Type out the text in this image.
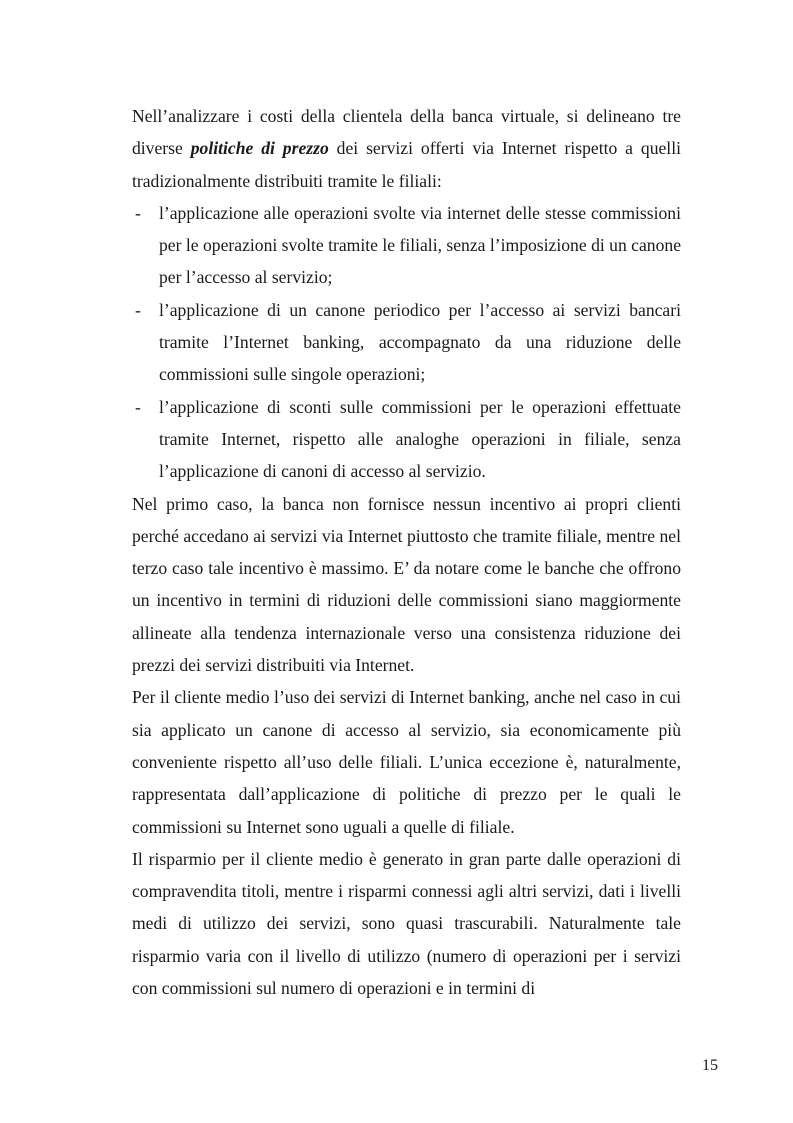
Nell’analizzare i costi della clientela della banca virtuale, si delineano tre diverse politiche di prezzo dei servizi offerti via Internet rispetto a quelli tradizionalmente distribuiti tramite le filiali:

- l’applicazione alle operazioni svolte via internet delle stesse commissioni per le operazioni svolte tramite le filiali, senza l’imposizione di un canone per l’accesso al servizio;
- l’applicazione di un canone periodico per l’accesso ai servizi bancari tramite l’Internet banking, accompagnato da una riduzione delle commissioni sulle singole operazioni;
- l’applicazione di sconti sulle commissioni per le operazioni effettuate tramite Internet, rispetto alle analoghe operazioni in filiale, senza l’applicazione di canoni di accesso al servizio.

Nel primo caso, la banca non fornisce nessun incentivo ai propri clienti perché accedano ai servizi via Internet piuttosto che tramite filiale, mentre nel terzo caso tale incentivo è massimo. E’ da notare come le banche che offrono un incentivo in termini di riduzioni delle commissioni siano maggiormente allineate alla tendenza internazionale verso una consistenza riduzione dei prezzi dei servizi distribuiti via Internet.

Per il cliente medio l’uso dei servizi di Internet banking, anche nel caso in cui sia applicato un canone di accesso al servizio, sia economicamente più conveniente rispetto all’uso delle filiali. L’unica eccezione è, naturalmente, rappresentata dall’applicazione di politiche di prezzo per le quali le commissioni su Internet sono uguali a quelle di filiale.

Il risparmio per il cliente medio è generato in gran parte dalle operazioni di compravendita titoli, mentre i risparmi connessi agli altri servizi, dati i livelli medi di utilizzo dei servizi, sono quasi trascurabili. Naturalmente tale risparmio varia con il livello di utilizzo (numero di operazioni per i servizi con commissioni sul numero di operazioni e in termini di

15
